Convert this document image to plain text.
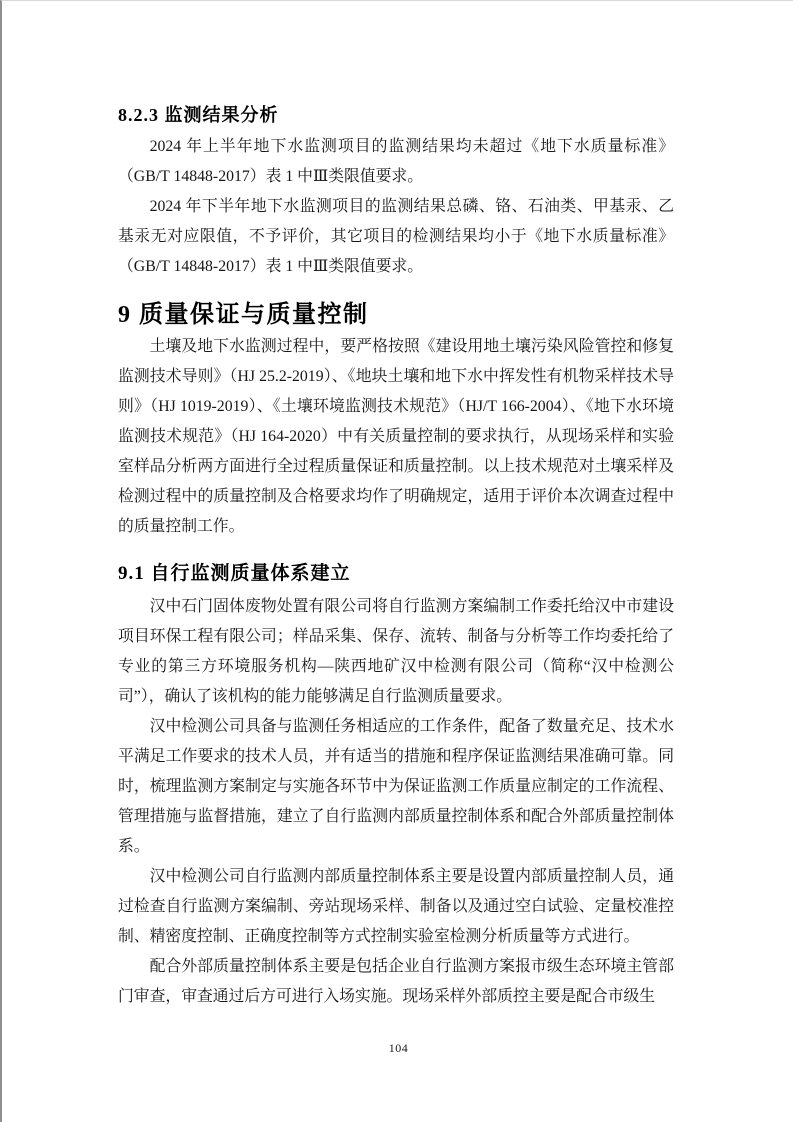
8.2.3 监测结果分析

2024 年上半年地下水监测项目的监测结果均未超过《地下水质量标准》（GB/T 14848-2017）表 1 中Ⅲ类限值要求。

2024 年下半年地下水监测项目的监测结果总磷、铬、石油类、甲基汞、乙基汞无对应限值，不予评价，其它项目的检测结果均小于《地下水质量标准》（GB/T 14848-2017）表 1 中Ⅲ类限值要求。

9 质量保证与质量控制

土壤及地下水监测过程中，要严格按照《建设用地土壤污染风险管控和修复监测技术导则》（HJ 25.2-2019）、《地块土壤和地下水中挥发性有机物采样技术导则》（HJ 1019-2019）、《土壤环境监测技术规范》（HJ/T 166-2004）、《地下水环境监测技术规范》（HJ 164-2020）中有关质量控制的要求执行，从现场采样和实验室样品分析两方面进行全过程质量保证和质量控制。以上技术规范对土壤采样及检测过程中的质量控制及合格要求均作了明确规定，适用于评价本次调查过程中的质量控制工作。

9.1 自行监测质量体系建立

汉中石门固体废物处置有限公司将自行监测方案编制工作委托给汉中市建设项目环保工程有限公司；样品采集、保存、流转、制备与分析等工作均委托给了专业的第三方环境服务机构—陕西地矿汉中检测有限公司（简称“汉中检测公司”），确认了该机构的能力能够满足自行监测质量要求。

汉中检测公司具备与监测任务相适应的工作条件，配备了数量充足、技术水平满足工作要求的技术人员，并有适当的措施和程序保证监测结果准确可靠。同时，梳理监测方案制定与实施各环节中为保证监测工作质量应制定的工作流程、管理措施与监督措施，建立了自行监测内部质量控制体系和配合外部质量控制体系。

汉中检测公司自行监测内部质量控制体系主要是设置内部质量控制人员，通过检查自行监测方案编制、旁站现场采样、制备以及通过空白试验、定量校准控制、精密度控制、正确度控制等方式控制实验室检测分析质量等方式进行。

配合外部质量控制体系主要是包括企业自行监测方案报市级生态环境主管部门审查，审查通过后方可进行入场实施。现场采样外部质控主要是配合市级生

104
